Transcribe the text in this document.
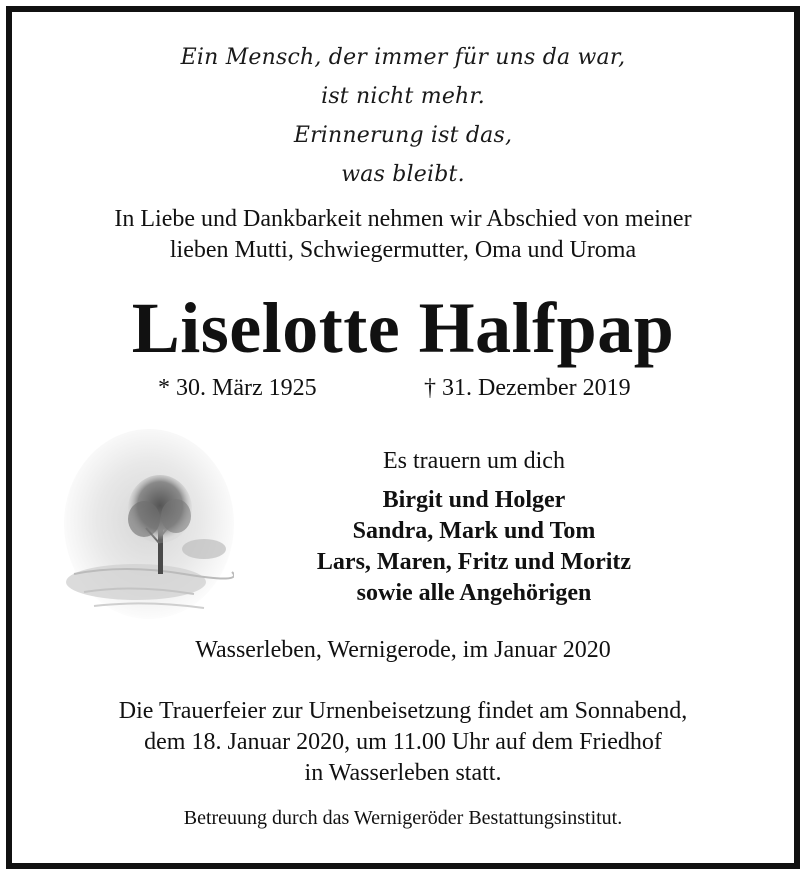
Ein Mensch, der immer für uns da war,
ist nicht mehr.
Erinnerung ist das,
was bleibt.
In Liebe und Dankbarkeit nehmen wir Abschied von meiner
lieben Mutti, Schwiegermutter, Oma und Uroma
Liselotte Halfpap
* 30. März 1925	† 31. Dezember 2019
Es trauern um dich
Birgit und Holger
Sandra, Mark und Tom
Lars, Maren, Fritz und Moritz
sowie alle Angehörigen
Wasserleben, Wernigerode, im Januar 2020
Die Trauerfeier zur Urnenbeisetzung findet am Sonnabend,
dem 18. Januar 2020, um 11.00 Uhr auf dem Friedhof
in Wasserleben statt.
Betreuung durch das Wernigeröder Bestattungsinstitut.
